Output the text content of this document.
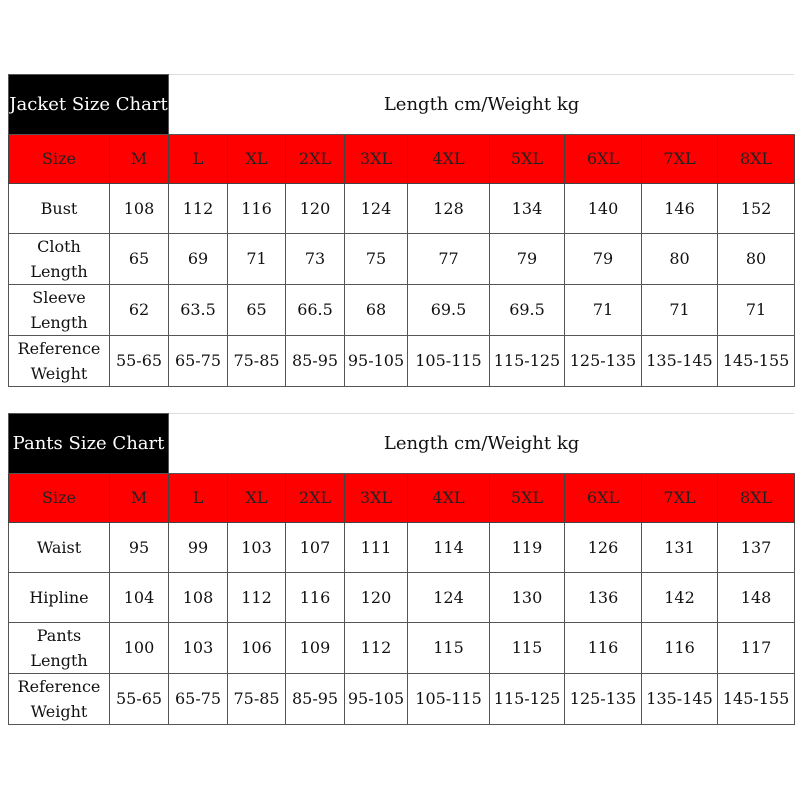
Jacket Size Chart		Length cm/Weight kg								
Size	M	L	XL	2XL	3XL	4XL	5XL	6XL	7XL	8XL
Bust	108	112	116	120	124	128	134	140	146	152
Cloth Length	65	69	71	73	75	77	79	79	80	80
Sleeve Length	62	63.5	65	66.5	68	69.5	69.5	71	71	71
Reference Weight	55-65	65-75	75-85	85-95	95-105	105-115	115-125	125-135	135-145	145-155
Pants Size Chart		Length cm/Weight kg								
Size	M	L	XL	2XL	3XL	4XL	5XL	6XL	7XL	8XL
Waist	95	99	103	107	111	114	119	126	131	137
Hipline	104	108	112	116	120	124	130	136	142	148
Pants Length	100	103	106	109	112	115	115	116	116	117
Reference Weight	55-65	65-75	75-85	85-95	95-105	105-115	115-125	125-135	135-145	145-155
